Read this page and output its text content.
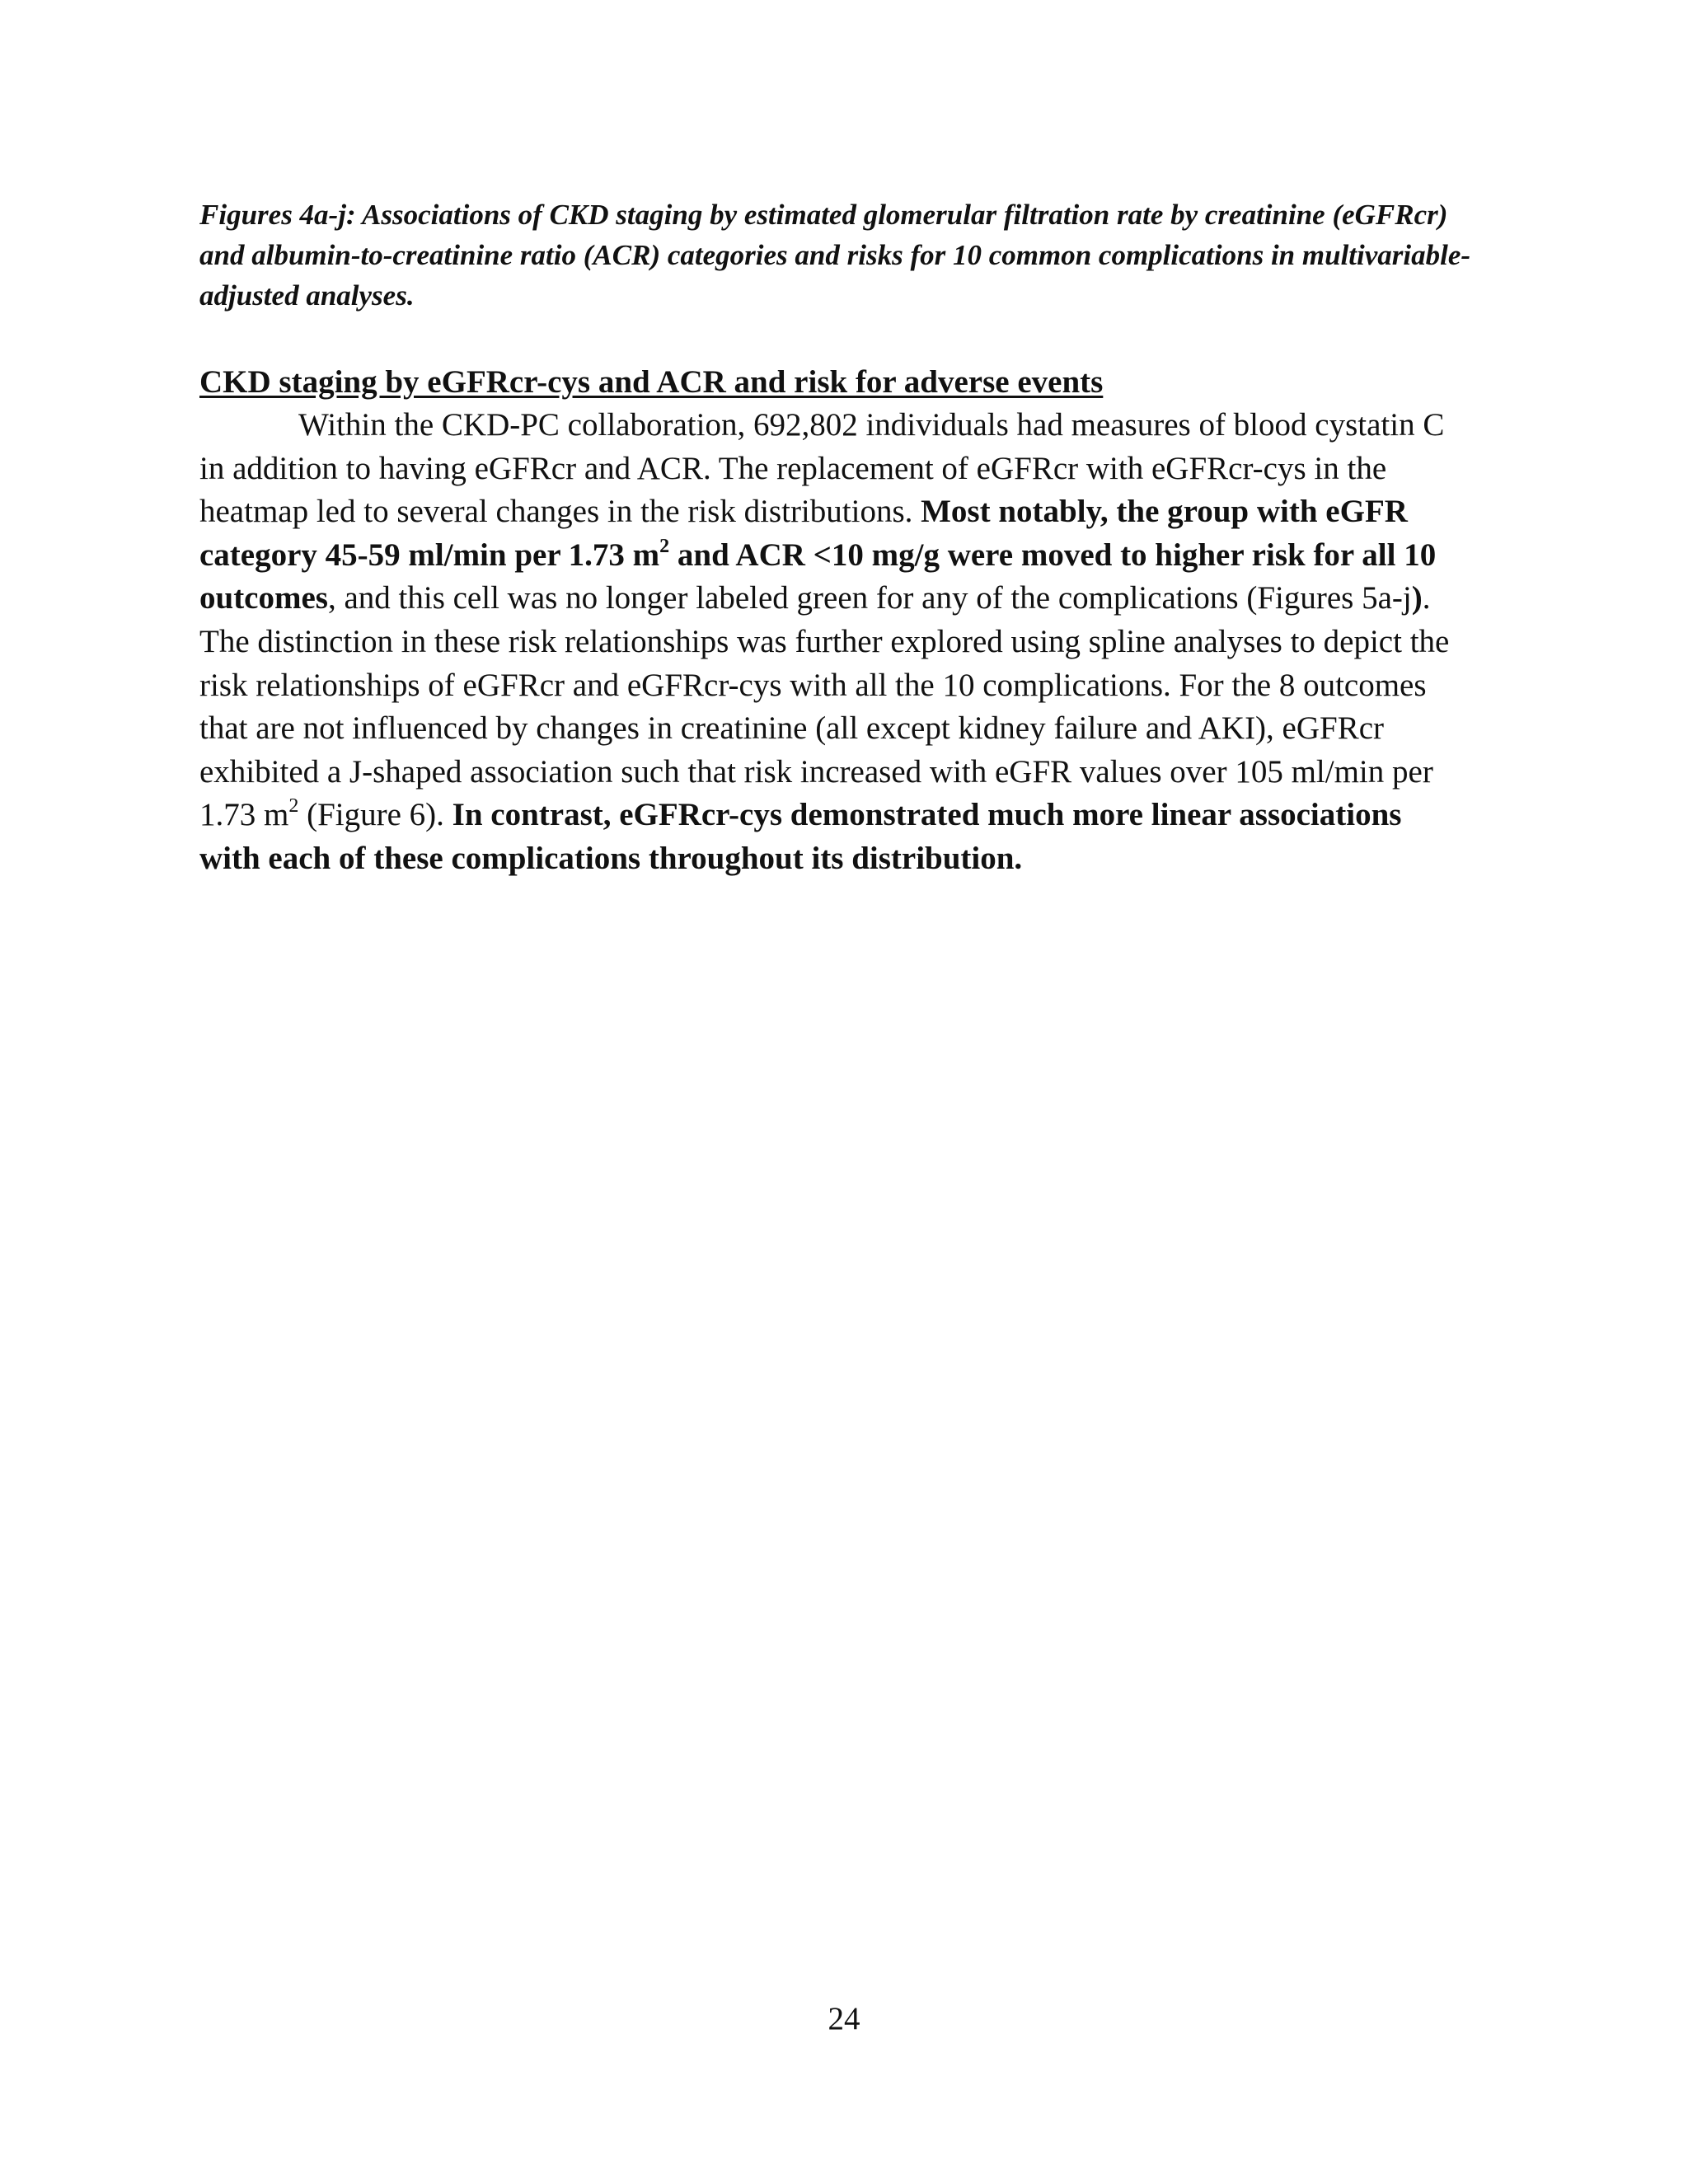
Figures 4a-j: Associations of CKD staging by estimated glomerular filtration rate by creatinine (eGFRcr) and albumin-to-creatinine ratio (ACR) categories and risks for 10 common complications in multivariable-adjusted analyses.

CKD staging by eGFRcr-cys and ACR and risk for adverse events

Within the CKD-PC collaboration, 692,802 individuals had measures of blood cystatin C in addition to having eGFRcr and ACR. The replacement of eGFRcr with eGFRcr-cys in the heatmap led to several changes in the risk distributions. Most notably, the group with eGFR category 45-59 ml/min per 1.73 $m^2$ and ACR <10 mg/g were moved to higher risk for all 10 outcomes, and this cell was no longer labeled green for any of the complications (Figures 5a-j). The distinction in these risk relationships was further explored using spline analyses to depict the risk relationships of eGFRcr and eGFRcr-cys with all the 10 complications. For the 8 outcomes that are not influenced by changes in creatinine (all except kidney failure and AKI), eGFRcr exhibited a J-shaped association such that risk increased with eGFR values over 105 ml/min per 1.73 $m^2$ (Figure 6). In contrast, eGFRcr-cys demonstrated much more linear associations with each of these complications throughout its distribution.

24
